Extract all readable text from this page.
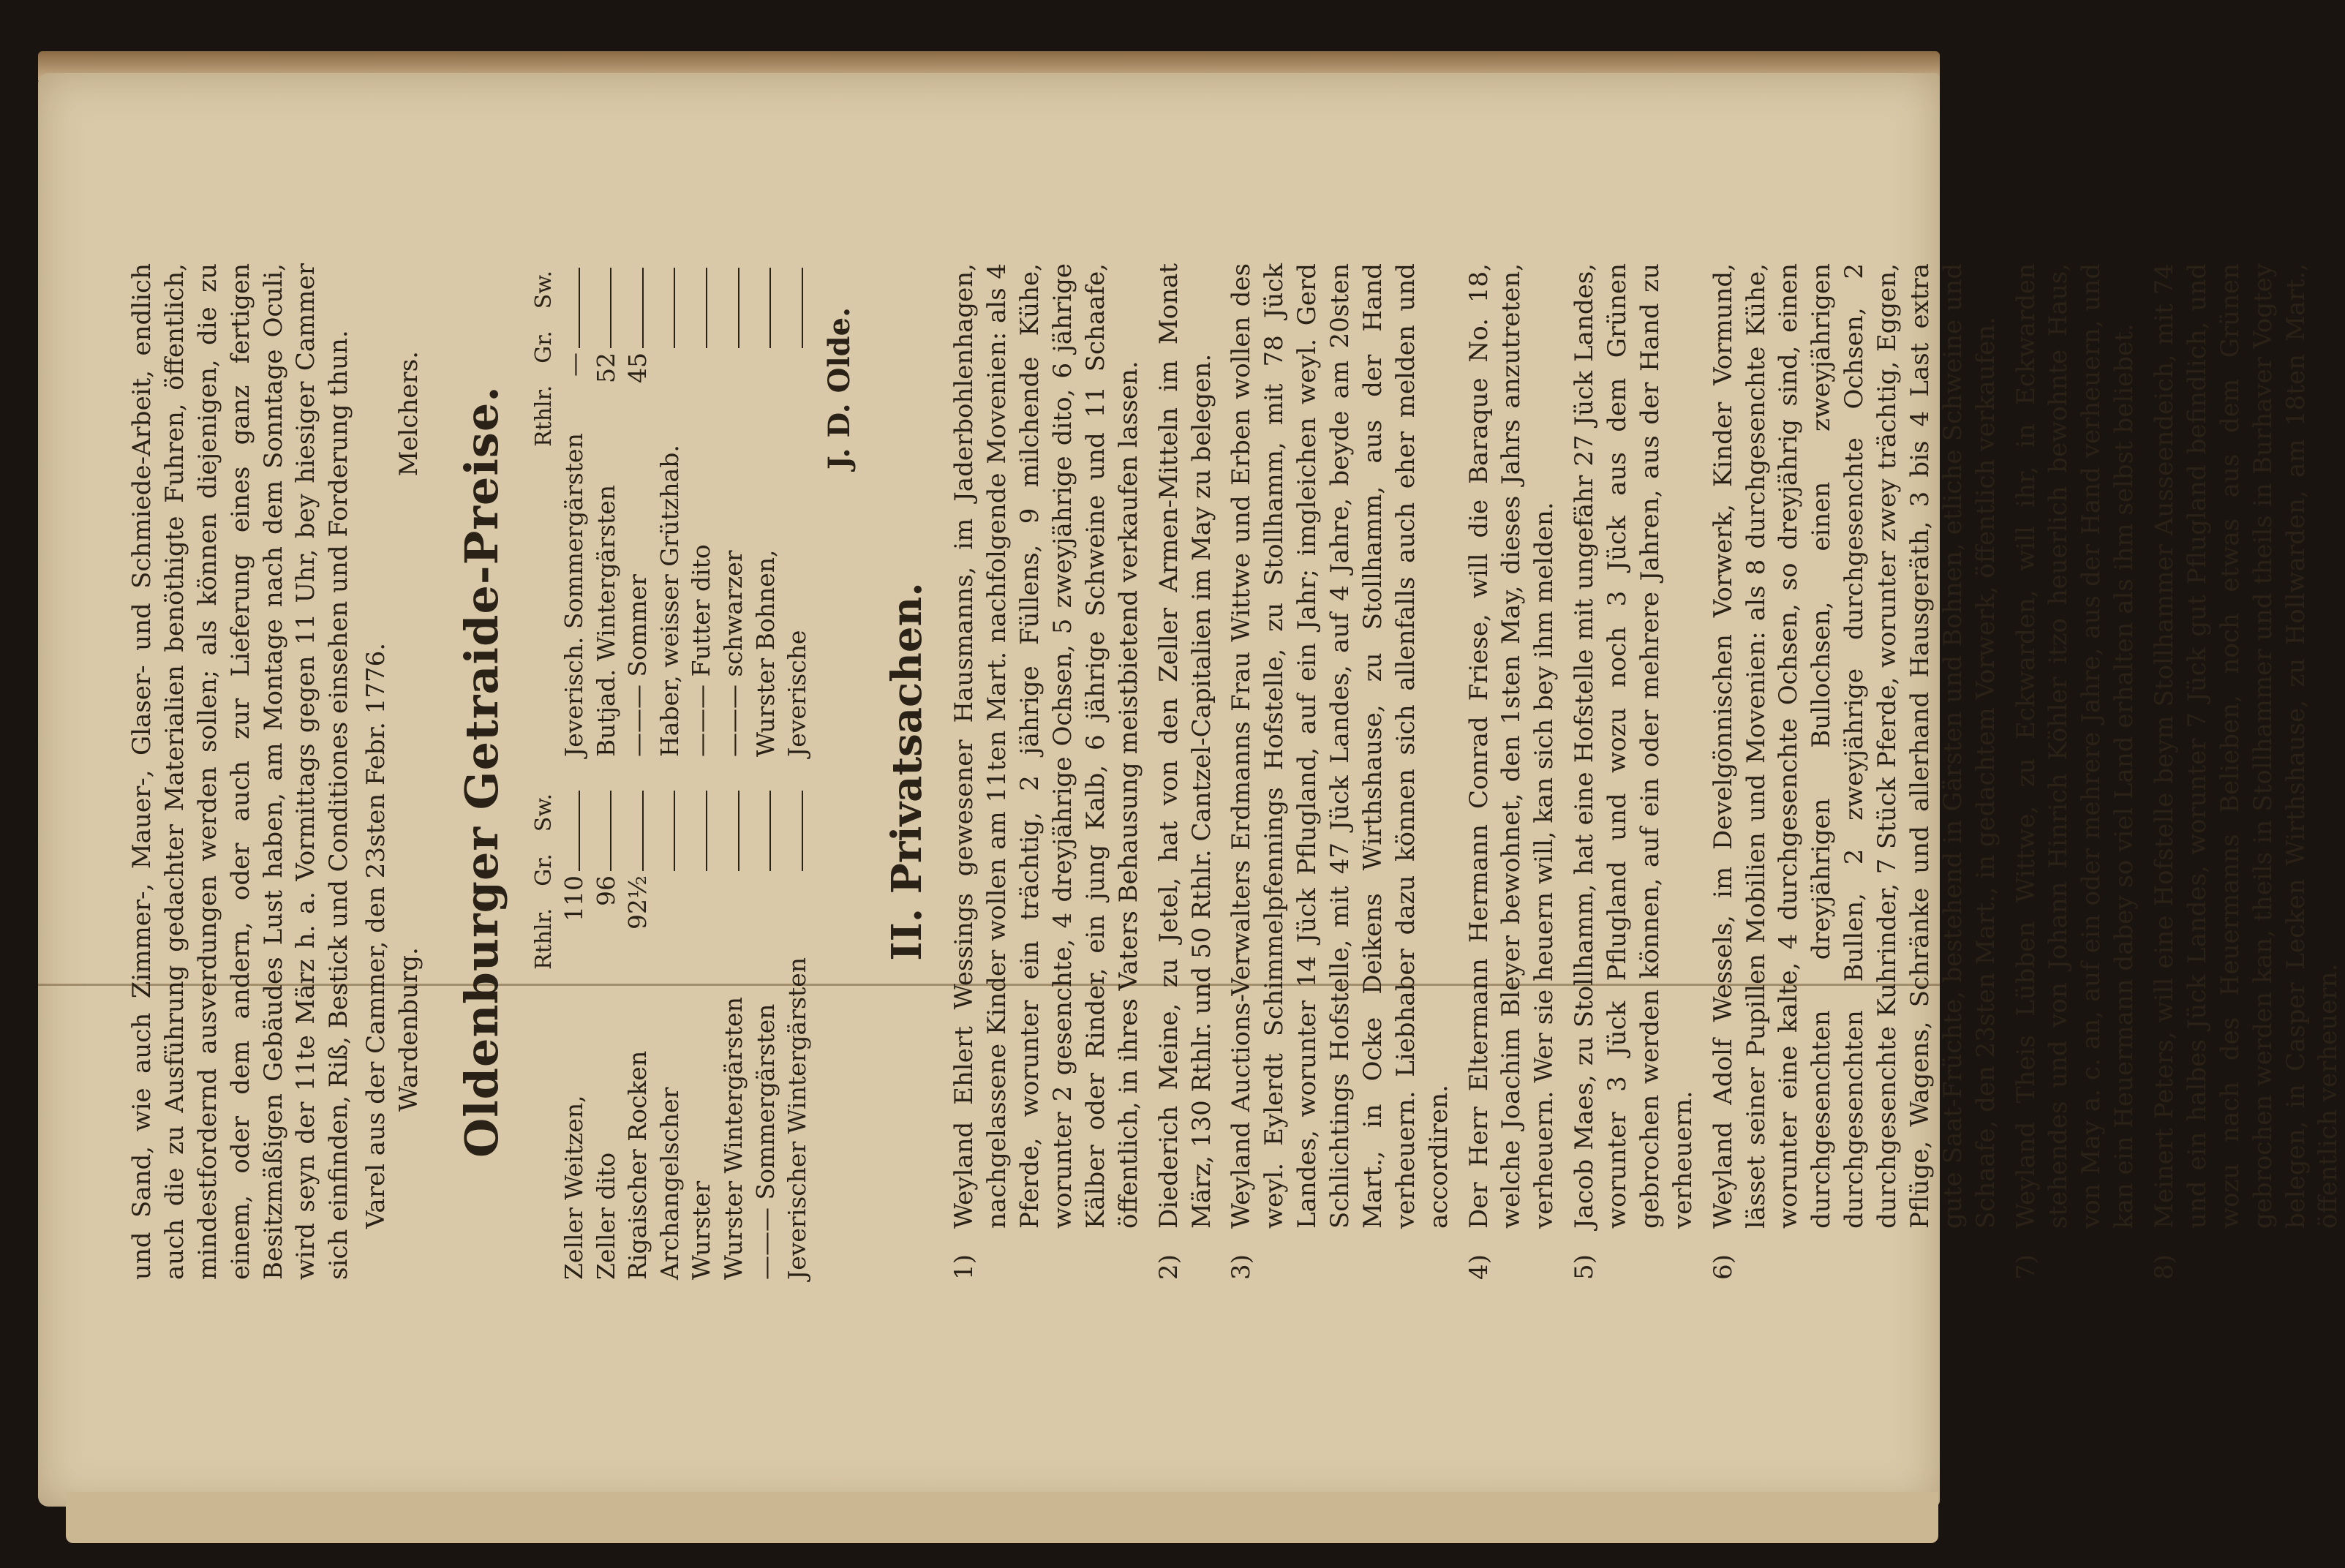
und Sand, wie auch Zimmer-, Mauer-, Glaser- und Schmiede-Arbeit, endlich auch die zu Ausführung gedachter Materialien benöthigte Fuhren, öffentlich, mindestfordernd ausverdungen werden sollen; als können diejenigen, die zu einem, oder dem andern, oder auch zur Lieferung eines ganz fertigen Besitzmäßigen Gebäudes Lust haben, am Montage nach dem Sonntage Oculi, wird seyn der 11te März h. a. Vormittags gegen 11 Uhr, bey hiesiger Cammer sich einfinden, Riß, Bestick und Conditiones einsehen und Forderung thun. Varel aus der Cammer, den 23sten Febr. 1776. Wardenburg.
Melchers. Oldenburger Getraide-Preise. Rthlr.
Gr.
Sw.
Zeller Weitzen,
110
Zeller dito
96
Rigaischer Rocken
92½
Archangelscher Wurster Wurster Wintergärsten ——— Sommergärsten Jeverischer Wintergärsten
Rthlr.
Gr.
Sw.
Jeverisch. Sommergärsten
—
Butjad. Wintergärsten
52
——— Sommer
45
Haber, weisser Grützhab. ——— Futter dito ——— schwarzer Wurster Bohnen, Jeverische
J. D. Olde.
II. Privatsachen.
1)
Weyland Ehlert Wessings gewesener Hausmanns, im Jaderbohlenhagen, nachgelassene Kinder wollen am 11ten Mart. nachfolgende Movenien: als 4 Pferde, worunter ein trächtig, 2 jährige Füllens, 9 milchende Kühe, worunter 2 gesenchte, 4 dreyjährige Ochsen, 5 zweyjährige dito, 6 jährige Kälber oder Rinder, ein jung Kalb, 6 jährige Schweine und 11 Schaafe, öffentlich, in ihres Vaters Behausung meistbietend verkaufen lassen.
2)
Diederich Meine, zu Jetel, hat von den Zeller Armen-Mitteln im Monat März, 130 Rthlr. und 50 Rthlr. Cantzel-Capitalien im May zu belegen.
3)
Weyland Auctions-Verwalters Erdmanns Frau Wittwe und Erben wollen des weyl. Eylerdt Schimmelpfennings Hofstelle, zu Stollhamm, mit 78 Jück Landes, worunter 14 Jück Pflugland, auf ein Jahr; imgleichen weyl. Gerd Schlichtings Hofstelle, mit 47 Jück Landes, auf 4 Jahre, beyde am 20sten Mart., in Ocke Deikens Wirthshause, zu Stollhamm, aus der Hand verheuern. Liebhaber dazu können sich allenfalls auch eher melden und accordiren.
4)
Der Herr Eltermann Hermann Conrad Friese, will die Baraque No. 18, welche Joachim Bleyer bewohnet, den 1sten May, dieses Jahrs anzutreten, verheuern. Wer sie heuern will, kan sich bey ihm melden.
5)
Jacob Maes, zu Stollhamm, hat eine Hofstelle mit ungefähr 27 Jück Landes, worunter 3 Jück Pflugland und wozu noch 3 Jück aus dem Grünen gebrochen werden können, auf ein oder mehrere Jahren, aus der Hand zu verheuern.
6)
Weyland Adolf Wessels, im Develgönnischen Vorwerk, Kinder Vormund, lässet seiner Pupillen Mobilien und Movenien: als 8 durchgesenchte Kühe, worunter eine kalte, 4 durchgesenchte Ochsen, so dreyjährig sind, einen durchgesenchten dreyjährigen Bullochsen, einen zweyjährigen durchgesenchten Bullen, 2 zweyjährige durchgesenchte Ochsen, 2 durchgesenchte Kuhrinder, 7 Stück Pferde, worunter zwey trächtig, Eggen, Pflüge, Wagens, Schränke und allerhand Hausgeräth, 3 bis 4 Last extra gute Saat-Früchte, bestehend in Gärsten und Bohnen, etliche Schweine und Schaafe, den 23sten Mart., in gedachtem Vorwerk, öffentlich verkaufen.
7)
Weyland Theis Lübben Wittwe, zu Eckwarden, will ihr, in Eckwarden stehendes und von Johann Hinrich Köhler itzo heuerlich bewohnte Haus, von May a. c. an, auf ein oder mehrere Jahre, aus der Hand verheuern, und kan ein Heuermann dabey so viel Land erhalten als ihm selbst beliebet.
8)
Meinert Peters, will eine Hofstelle beym Stollhammer Ausseendeich, mit 74 und ein halbes Jück Landes, worunter 7 Jück gut Pflugland befindlich, und wozu nach des Heuermanns Belieben, noch etwas aus dem Grünen gebrochen werden kan, theils in Stollhammer und theils in Burhaver Vogtey belegen, in Casper Lecken Wirthshause, zu Hollwarden, am 18ten Mart., öffentlich verheuern.
